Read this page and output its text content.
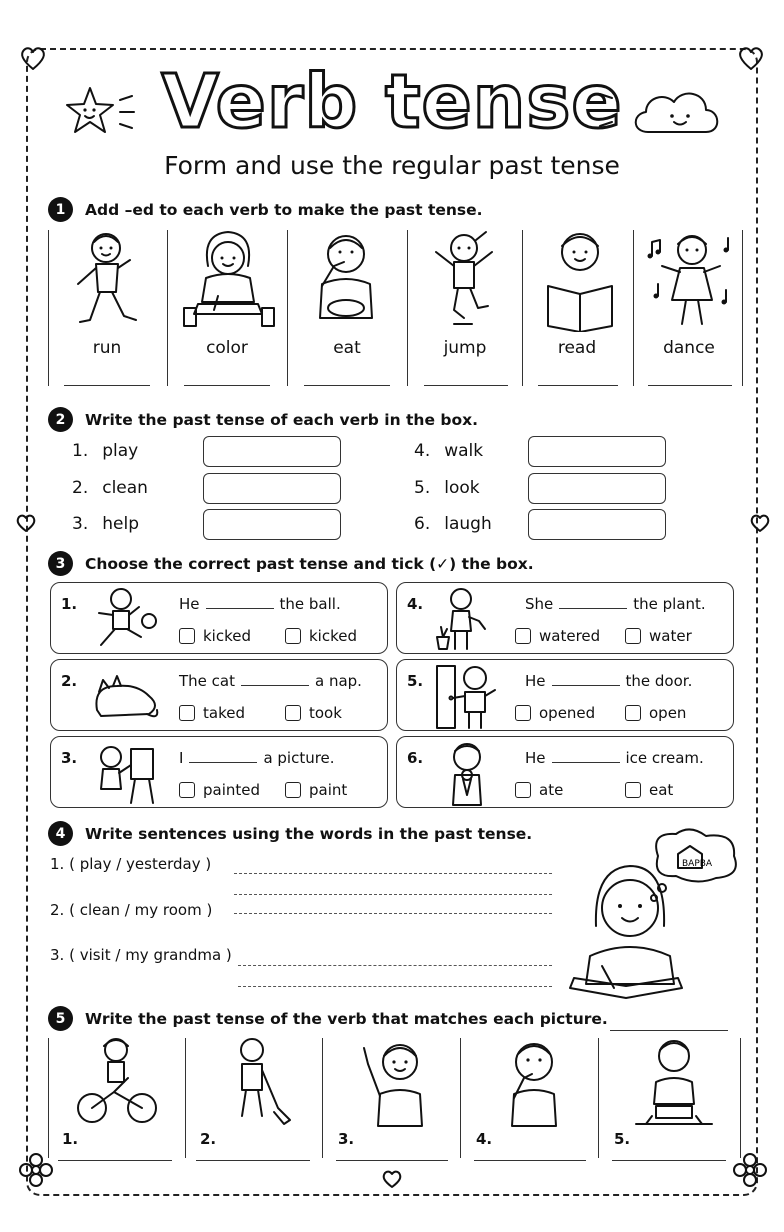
Verb tense
Form and use the regular past tense
1	Add –ed to each verb to make the past tense.
run	color	eat	jump	read	dance
2	Write the past tense of each verb in the box.
1. play
2. clean
3. help
4. walk
5. look
6. laugh
3	Choose the correct past tense and tick (✓) the box.
1.	He	the ball.
kicked	kicked
2.	The cat	a nap.
taked	took
3.	I	a picture.
painted	paint
4.	She	the plant.
watered	water
5.	He	the door.
opened	open
6.	He	ice cream.
ate	eat
4	Write sentences using the words in the past tense.
1. ( play / yesterday )
2. ( clean / my room )
3. ( visit / my grandma )
BAPBA
5	Write the past tense of the verb that matches each picture.
1.	2.	3.	4.	5.
